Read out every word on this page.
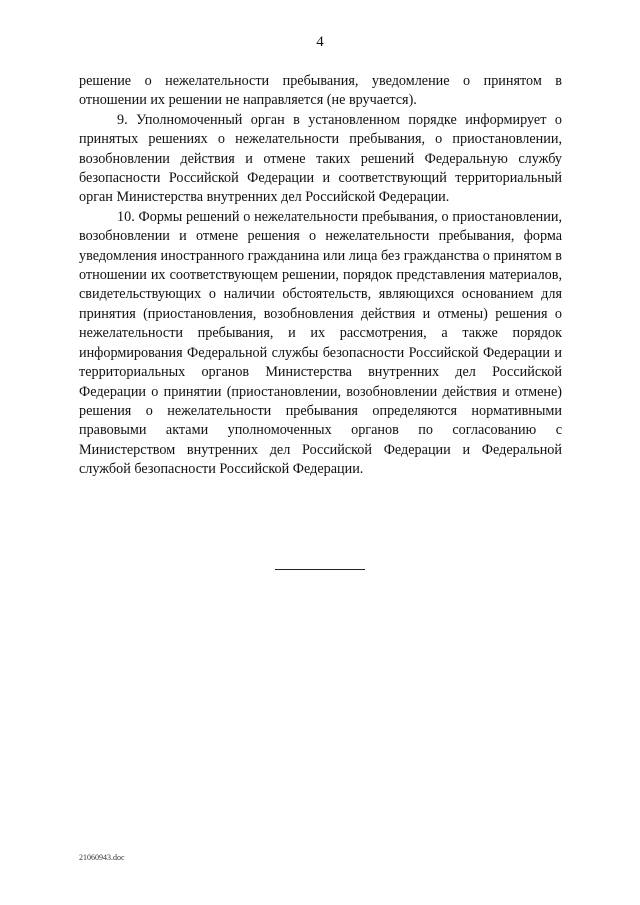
4

решение о нежелательности пребывания, уведомление о принятом в отношении их решении не направляется (не вручается).

9. Уполномоченный орган в установленном порядке информирует о принятых решениях о нежелательности пребывания, о приостановлении, возобновлении действия и отмене таких решений Федеральную службу безопасности Российской Федерации и соответствующий территориальный орган Министерства внутренних дел Российской Федерации.

10. Формы решений о нежелательности пребывания, о приостановлении, возобновлении и отмене решения о нежелательности пребывания, форма уведомления иностранного гражданина или лица без гражданства о принятом в отношении их соответствующем решении, порядок представления материалов, свидетельствующих о наличии обстоятельств, являющихся основанием для принятия (приостановления, возобновления действия и отмены) решения о нежелательности пребывания, и их рассмотрения, а также порядок информирования Федеральной службы безопасности Российской Федерации и территориальных органов Министерства внутренних дел Российской Федерации о принятии (приостановлении, возобновлении действия и отмене) решения о нежелательности пребывания определяются нормативными правовыми актами уполномоченных органов по согласованию с Министерством внутренних дел Российской Федерации и Федеральной службой безопасности Российской Федерации.

21060943.doc
